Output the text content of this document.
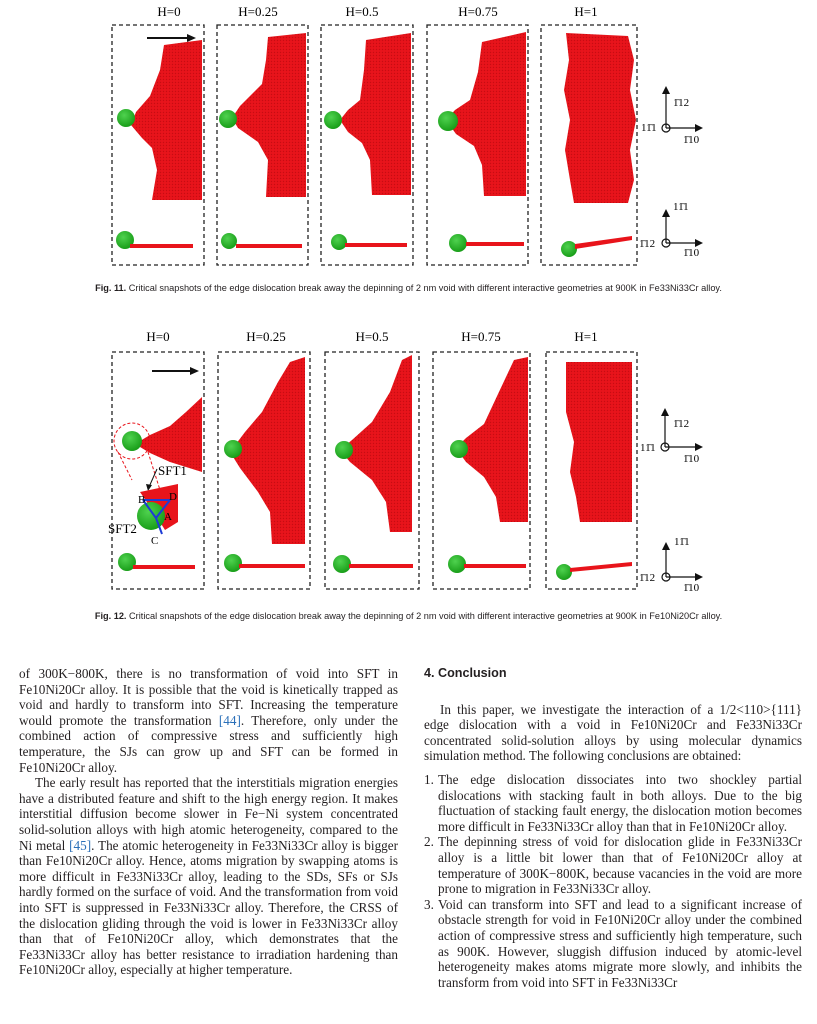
H=0	H=0.25	H=0.5	H=0.75	H=1
1̄12
11̄1
1̄10
11̄1
1̄12
1̄10
Fig. 11. Critical snapshots of the edge dislocation break away the depinning of 2 nm void with different interactive geometries at 900K in Fe33Ni33Cr alloy.
H=0	H=0.25	H=0.5	H=0.75	H=1
SFT1
SFT2
B D
A
C
1̄12
11̄1
1̄10
11̄1
1̄12
1̄10
Fig. 12. Critical snapshots of the edge dislocation break away the depinning of 2 nm void with different interactive geometries at 900K in Fe10Ni20Cr alloy.

of 300K−800K, there is no transformation of void into SFT in Fe10Ni20Cr alloy. It is possible that the void is kinetically trapped as void and hardly to transform into SFT. Increasing the temperature would promote the transformation [44]. Therefore, only under the combined action of compressive stress and sufficiently high temperature, the SJs can grow up and SFT can be formed in Fe10Ni20Cr alloy.

The early result has reported that the interstitials migration energies have a distributed feature and shift to the high energy region. It makes interstitial diffusion become slower in Fe−Ni system concentrated solid-solution alloys with high atomic heterogeneity, compared to the Ni metal [45]. The atomic heterogeneity in Fe33Ni33Cr alloy is bigger than Fe10Ni20Cr alloy. Hence, atoms migration by swapping atoms is more difficult in Fe33Ni33Cr alloy, leading to the SDs, SFs or SJs hardly formed on the surface of void. And the transformation from void into SFT is suppressed in Fe33Ni33Cr alloy. Therefore, the CRSS of the dislocation gliding through the void is lower in Fe33Ni33Cr alloy than that of Fe10Ni20Cr alloy, which demonstrates that the Fe33Ni33Cr alloy has better resistance to irradiation hardening than Fe10Ni20Cr alloy, especially at higher temperature.

4. Conclusion

In this paper, we investigate the interaction of a 1/2<110>{111} edge dislocation with a void in Fe10Ni20Cr and Fe33Ni33Cr concentrated solid-solution alloys by using molecular dynamics simulation method. The following conclusions are obtained:

1. The edge dislocation dissociates into two shockley partial dislocations with stacking fault in both alloys. Due to the big fluctuation of stacking fault energy, the dislocation motion becomes more difficult in Fe33Ni33Cr alloy than that in Fe10Ni20Cr alloy.
2. The depinning stress of void for dislocation glide in Fe33Ni33Cr alloy is a little bit lower than that of Fe10Ni20Cr alloy at temperature of 300K−800K, because vacancies in the void are more prone to migration in Fe33Ni33Cr alloy.
3. Void can transform into SFT and lead to a significant increase of obstacle strength for void in Fe10Ni20Cr alloy under the combined action of compressive stress and sufficiently high temperature, such as 900K. However, sluggish diffusion induced by atomic-level heterogeneity makes atoms migrate more slowly, and inhibits the transform from void into SFT in Fe33Ni33Cr
